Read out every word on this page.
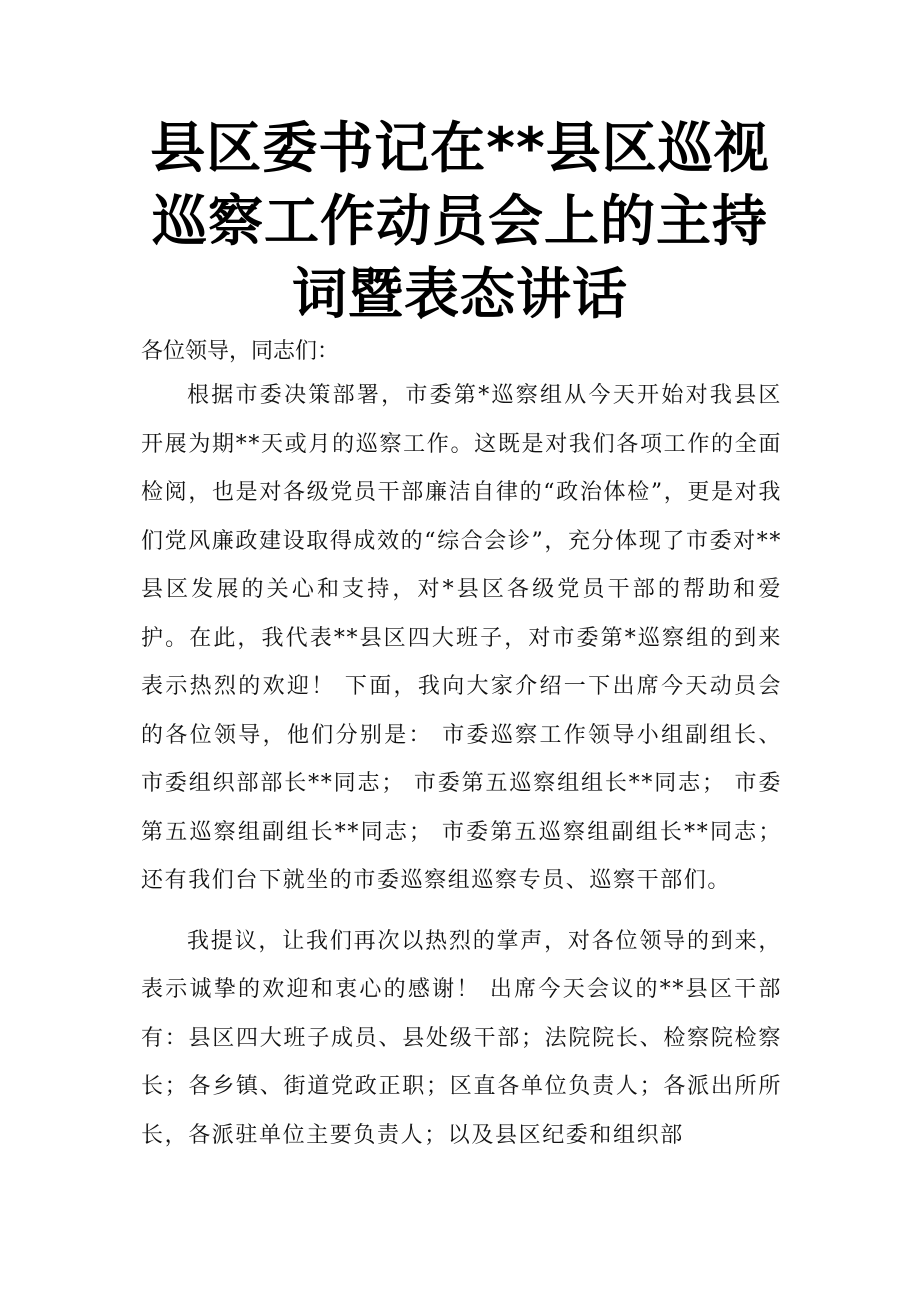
县区委书记在**县区巡视
巡察工作动员会上的主持
词暨表态讲话

各位领导，同志们：

根据市委决策部署，市委第*巡察组从今天开始对我县区开展为期**天或月的巡察工作。这既是对我们各项工作的全面检阅，也是对各级党员干部廉洁自律的“政治体检”，更是对我们党风廉政建设取得成效的“综合会诊”，充分体现了市委对**县区发展的关心和支持，对*县区各级党员干部的帮助和爱护。在此，我代表**县区四大班子，对市委第*巡察组的到来表示热烈的欢迎！ 下面，我向大家介绍一下出席今天动员会的各位领导，他们分别是： 市委巡察工作领导小组副组长、市委组织部部长**同志； 市委第五巡察组组长**同志； 市委第五巡察组副组长**同志； 市委第五巡察组副组长**同志； 还有我们台下就坐的市委巡察组巡察专员、巡察干部们。

我提议，让我们再次以热烈的掌声，对各位领导的到来，表示诚挚的欢迎和衷心的感谢！ 出席今天会议的**县区干部有：县区四大班子成员、县处级干部；法院院长、检察院检察长；各乡镇、街道党政正职；区直各单位负责人；各派出所所长，各派驻单位主要负责人；以及县区纪委和组织部
